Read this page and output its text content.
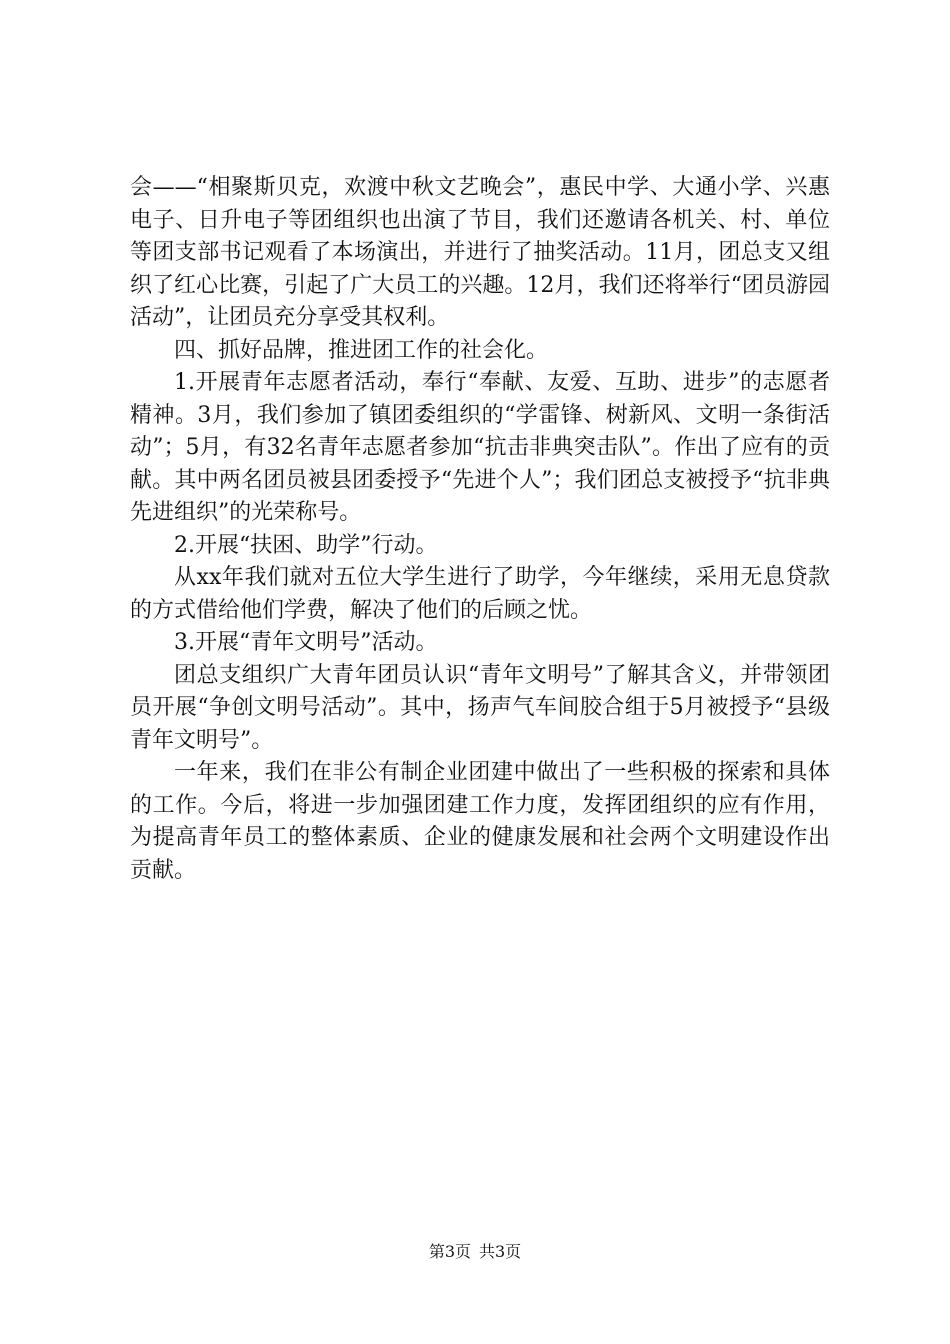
会——“相聚斯贝克，欢渡中秋文艺晚会”，惠民中学、大通小学、兴惠电子、日升电子等团组织也出演了节目，我们还邀请各机关、村、单位等团支部书记观看了本场演出，并进行了抽奖活动。11月，团总支又组织了红心比赛，引起了广大员工的兴趣。12月，我们还将举行“团员游园活动”，让团员充分享受其权利。

四、抓好品牌，推进团工作的社会化。

1.开展青年志愿者活动，奉行“奉献、友爱、互助、进步”的志愿者精神。3月，我们参加了镇团委组织的“学雷锋、树新风、文明一条街活动”；5月，有32名青年志愿者参加“抗击非典突击队”。作出了应有的贡献。其中两名团员被县团委授予“先进个人”；我们团总支被授予“抗非典先进组织”的光荣称号。

2.开展“扶困、助学”行动。

从xx年我们就对五位大学生进行了助学，今年继续，采用无息贷款的方式借给他们学费，解决了他们的后顾之忧。

3.开展“青年文明号”活动。

团总支组织广大青年团员认识“青年文明号”了解其含义，并带领团员开展“争创文明号活动”。其中，扬声气车间胶合组于5月被授予“县级青年文明号”。

一年来，我们在非公有制企业团建中做出了一些积极的探索和具体的工作。今后，将进一步加强团建工作力度，发挥团组织的应有作用，为提高青年员工的整体素质、企业的健康发展和社会两个文明建设作出贡献。

第3页 共3页
